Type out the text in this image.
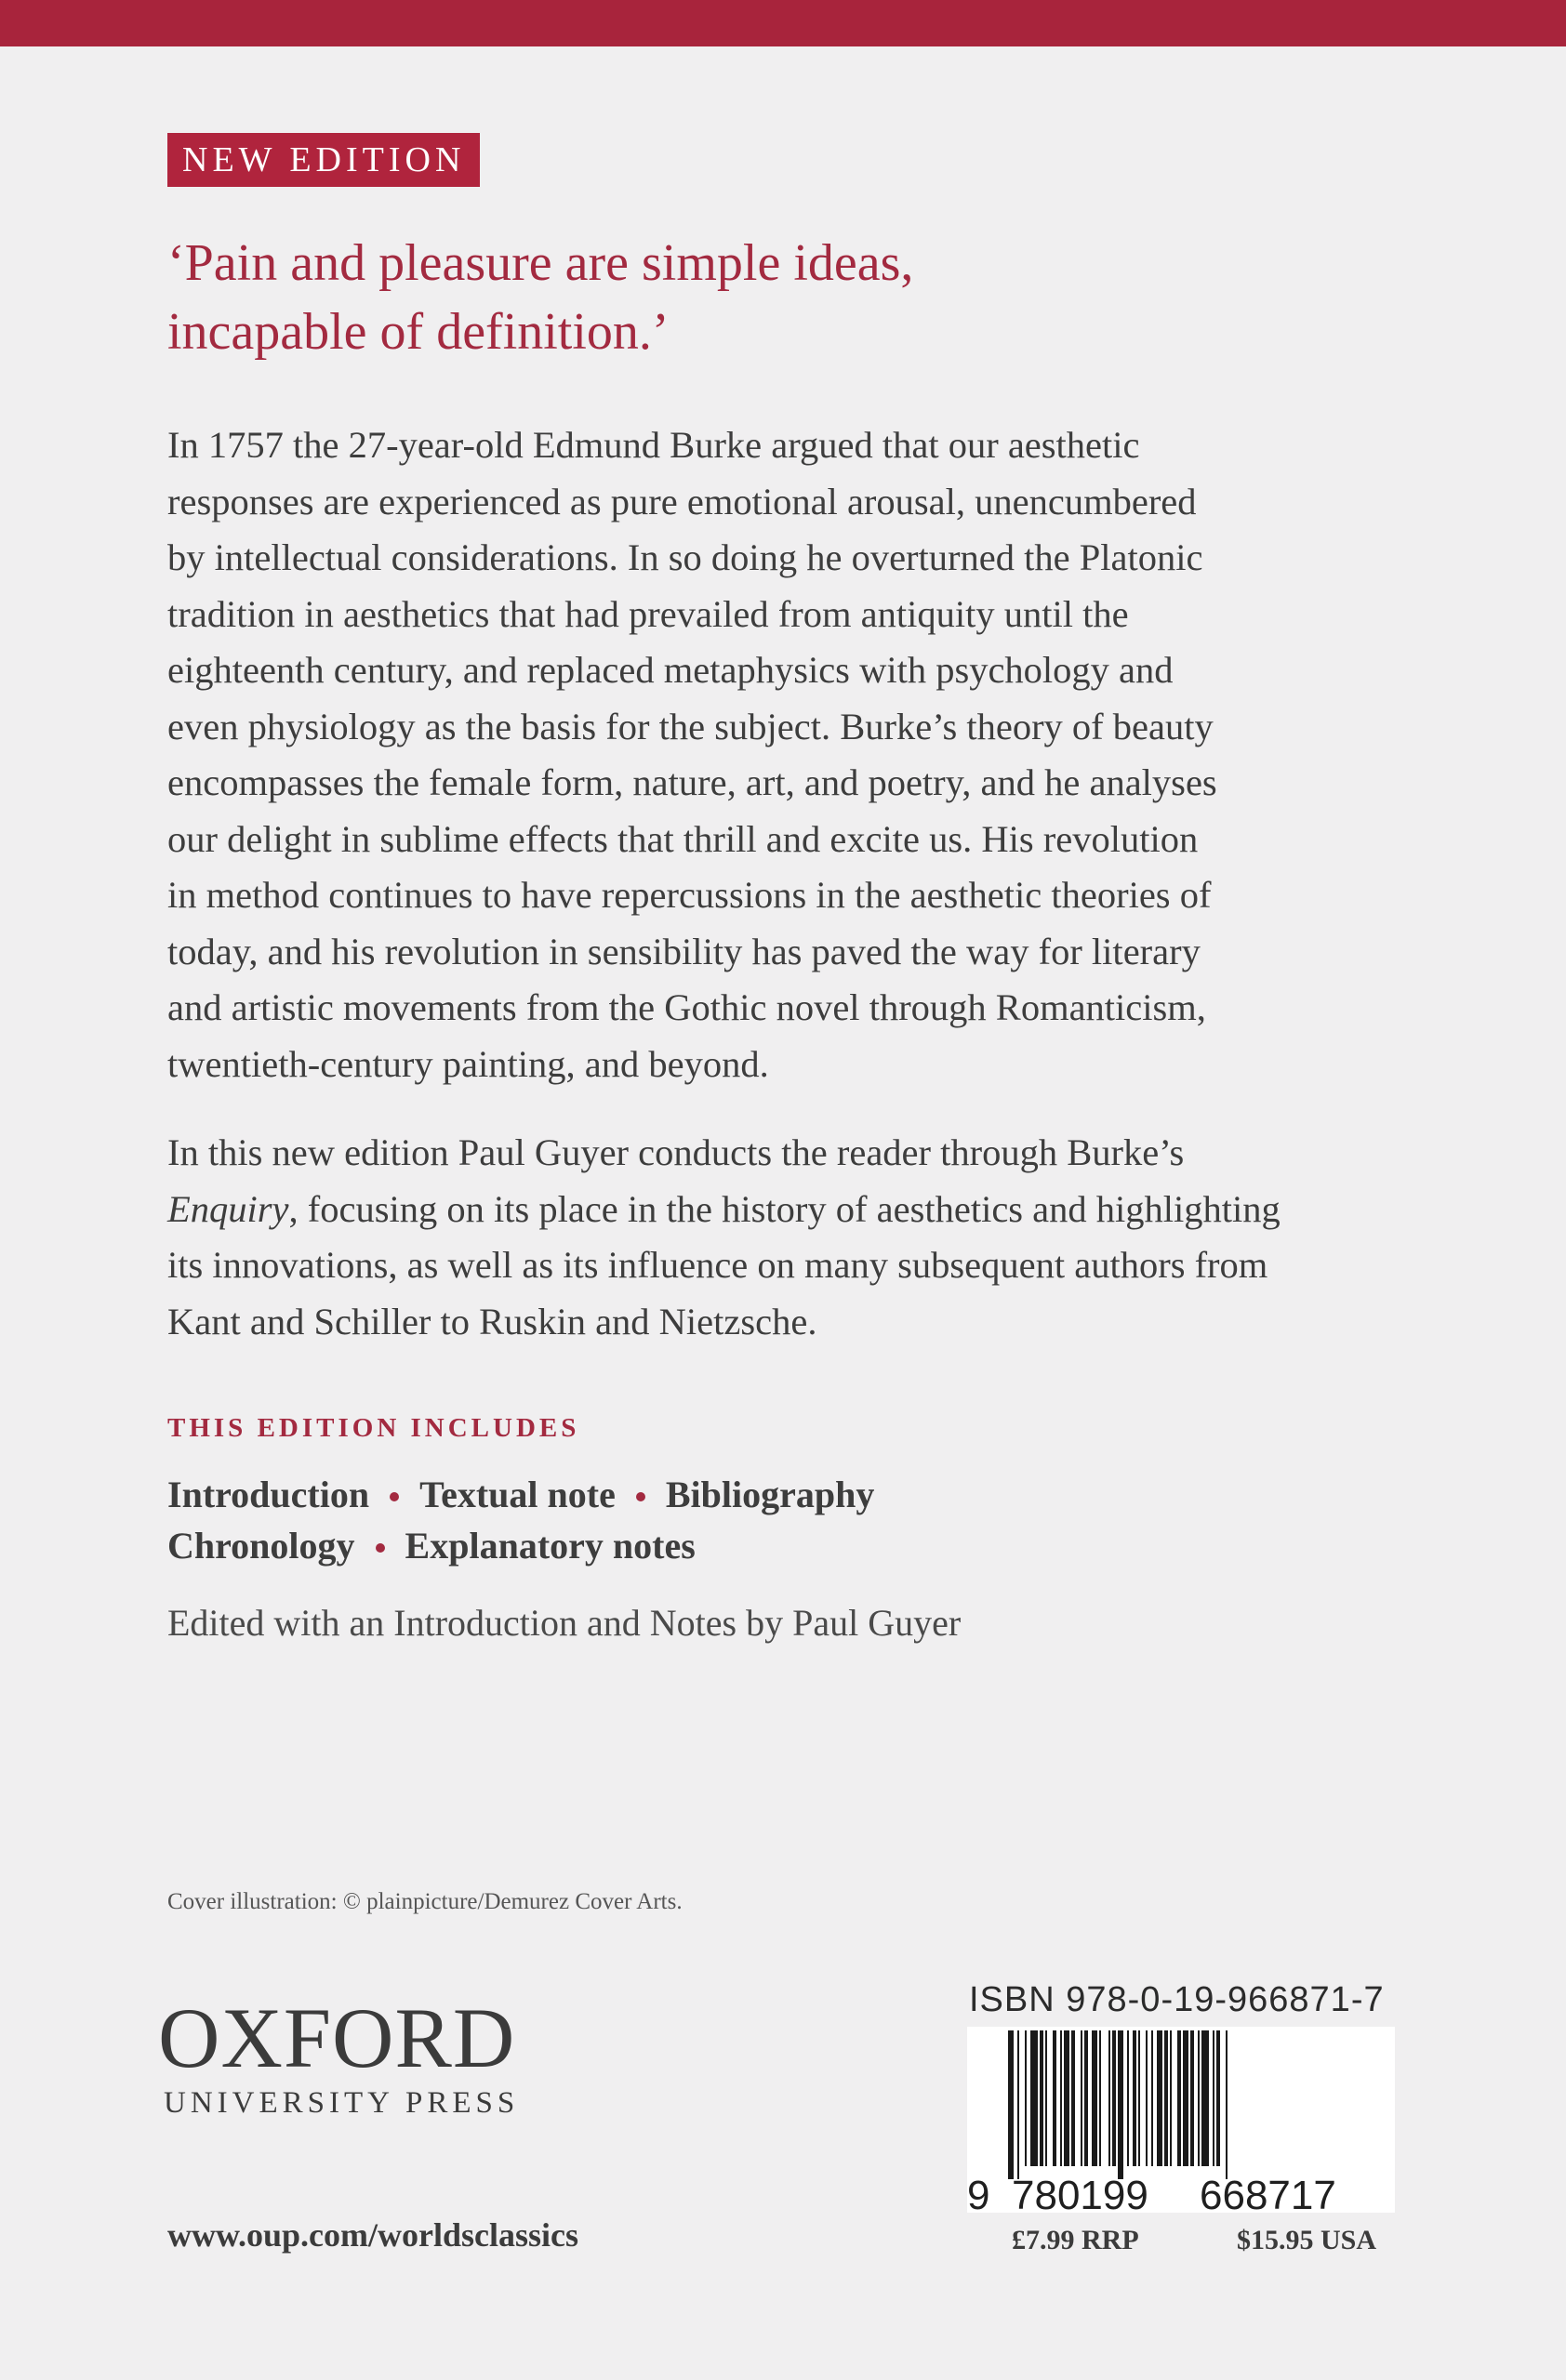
NEW EDITION
‘Pain and pleasure are simple ideas,
incapable of definition.’
In 1757 the 27-year-old Edmund Burke argued that our aesthetic
responses are experienced as pure emotional arousal, unencumbered
by intellectual considerations. In so doing he overturned the Platonic
tradition in aesthetics that had prevailed from antiquity until the
eighteenth century, and replaced metaphysics with psychology and
even physiology as the basis for the subject. Burke’s theory of beauty
encompasses the female form, nature, art, and poetry, and he analyses
our delight in sublime effects that thrill and excite us. His revolution
in method continues to have repercussions in the aesthetic theories of
today, and his revolution in sensibility has paved the way for literary
and artistic movements from the Gothic novel through Romanticism,
twentieth-century painting, and beyond.
In this new edition Paul Guyer conducts the reader through Burke’s
Enquiry, focusing on its place in the history of aesthetics and highlighting
its innovations, as well as its influence on many subsequent authors from
Kant and Schiller to Ruskin and Nietzsche.
THIS EDITION INCLUDES
Introduction Textual note Bibliography
Chronology Explanatory notes
Edited with an Introduction and Notes by Paul Guyer
Cover illustration: © plainpicture/Demurez Cover Arts.
OXFORD
UNIVERSITY PRESS
www.oup.com/worldsclassics
ISBN 978-0-19-966871-7
9 780199 668717
£7.99 RRP	$15.95 USA
